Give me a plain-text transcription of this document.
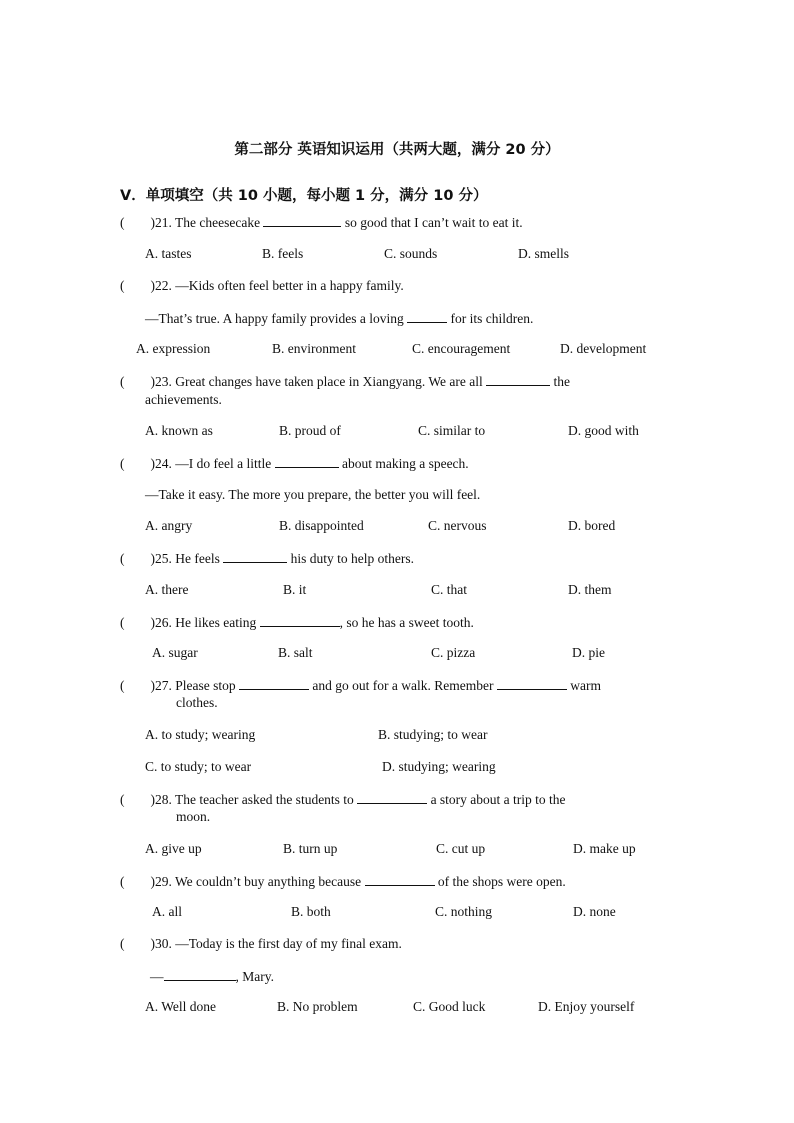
第二部分 英语知识运用（共两大题，满分 20 分）
V．单项填空（共 10 小题，每小题 1 分，满分 10 分）
( )21. The cheesecake	so good that I can’t wait to eat it.
A. tastes	B. feels	C. sounds	D. smells
( )22. —Kids often feel better in a happy family.
—That’s true. A happy family provides a loving	for its children.
A. expression	B. environment	C. encouragement	D. development
( )23. Great changes have taken place in Xiangyang. We are all	the
achievements.
A. known as	B. proud of	C. similar to	D. good with
( )24. —I do feel a little	about making a speech.
—Take it easy. The more you prepare, the better you will feel.
A. angry	B. disappointed	C. nervous	D. bored
( )25. He feels	his duty to help others.
A. there	B. it	C. that	D. them
( )26. He likes eating	, so he has a sweet tooth.
A. sugar	B. salt	C. pizza	D. pie
( )27. Please stop	and go out for a walk. Remember	warm
clothes.
A. to study; wearing	B. studying; to wear
C. to study; to wear	D. studying; wearing
( )28. The teacher asked the students to	a story about a trip to the
moon.
A. give up	B. turn up	C. cut up	D. make up
( )29. We couldn’t buy anything because	of the shops were open.
A. all	B. both	C. nothing	D. none
( )30. —Today is the first day of my final exam.
—	, Mary.
A. Well done	B. No problem	C. Good luck	D. Enjoy yourself
